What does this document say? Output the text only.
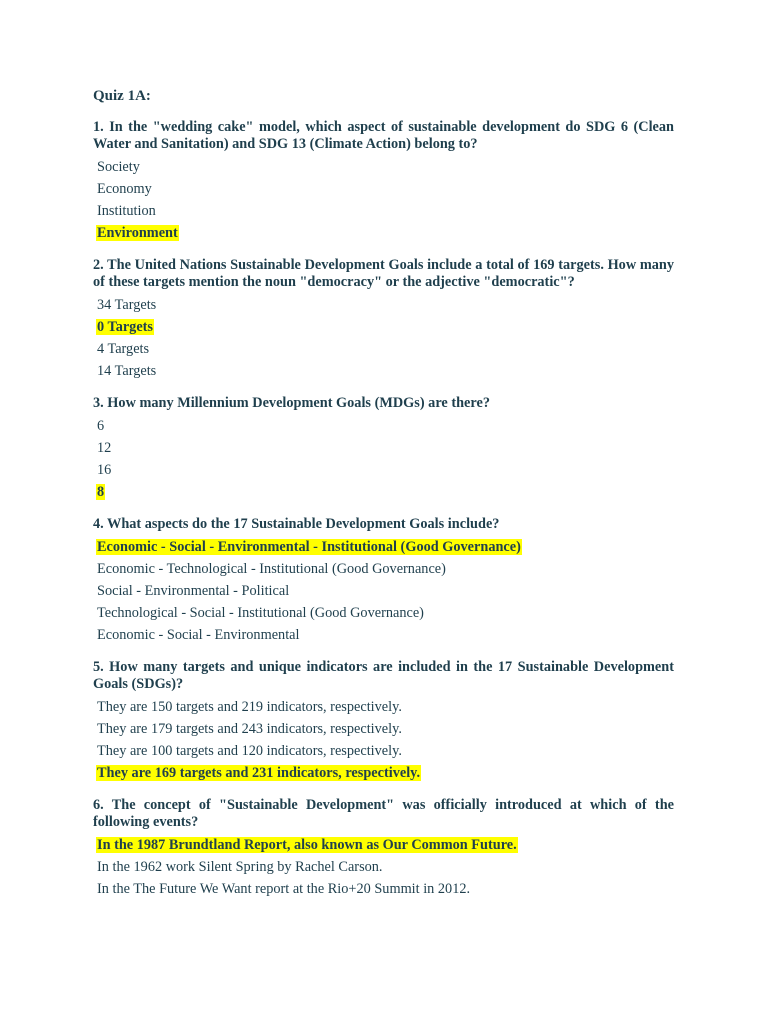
Quiz 1A:
1. In the "wedding cake" model, which aspect of sustainable development do SDG 6 (Clean Water and Sanitation) and SDG 13 (Climate Action) belong to?
Society
Economy
Institution
Environment
2. The United Nations Sustainable Development Goals include a total of 169 targets. How many of these targets mention the noun "democracy" or the adjective "democratic"?
34 Targets
0 Targets
4 Targets
14 Targets
3. How many Millennium Development Goals (MDGs) are there?
6
12
16
8
4. What aspects do the 17 Sustainable Development Goals include?
Economic - Social - Environmental - Institutional (Good Governance)
Economic - Technological - Institutional (Good Governance)
Social - Environmental - Political
Technological - Social - Institutional (Good Governance)
Economic - Social - Environmental
5. How many targets and unique indicators are included in the 17 Sustainable Development Goals (SDGs)?
They are 150 targets and 219 indicators, respectively.
They are 179 targets and 243 indicators, respectively.
They are 100 targets and 120 indicators, respectively.
They are 169 targets and 231 indicators, respectively.
6. The concept of "Sustainable Development" was officially introduced at which of the following events?
In the 1987 Brundtland Report, also known as Our Common Future.
In the 1962 work Silent Spring by Rachel Carson.
In the The Future We Want report at the Rio+20 Summit in 2012.
